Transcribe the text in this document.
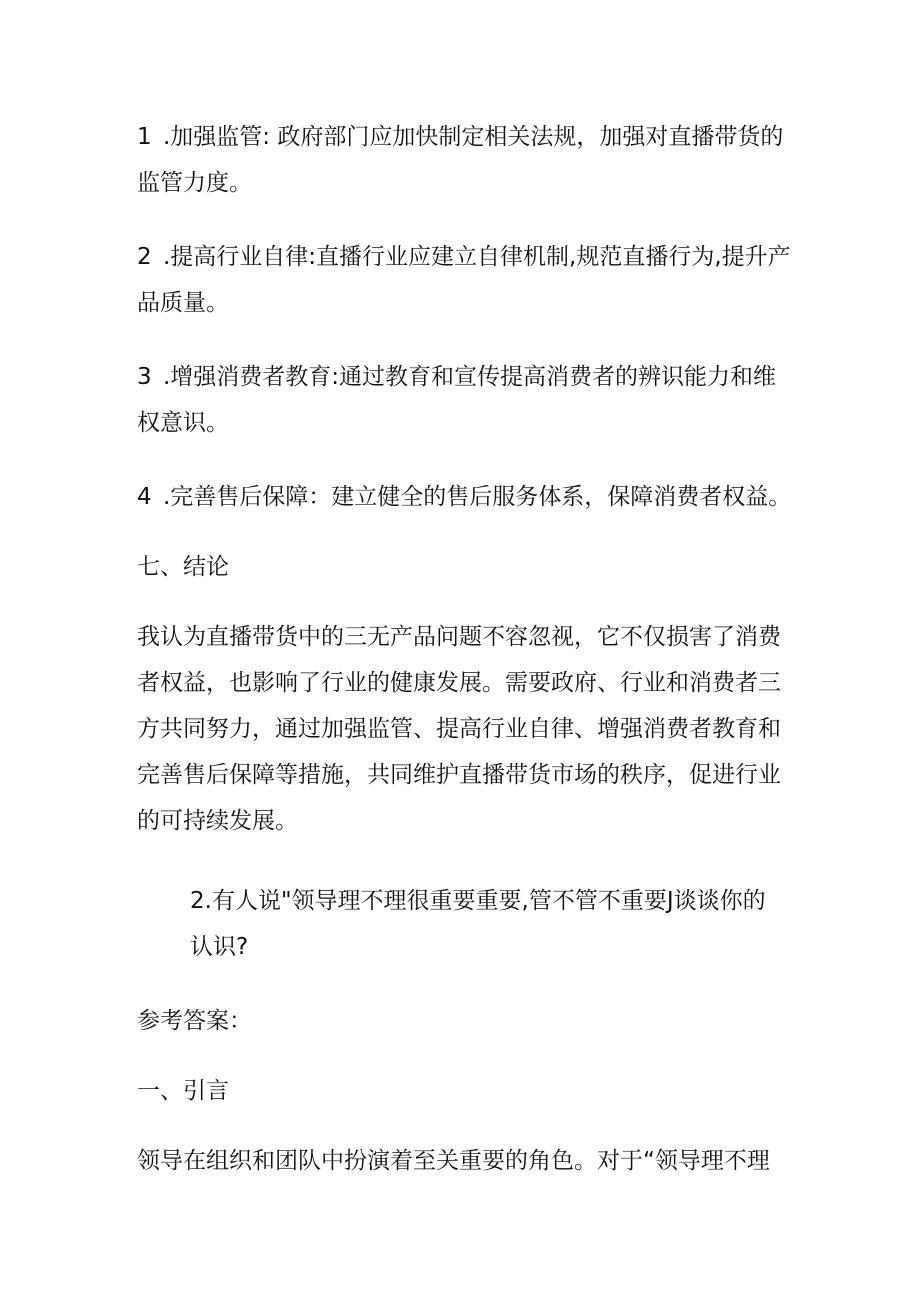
1 .加强监管: 政府部门应加快制定相关法规，加强对直播带货的监管力度。

2 .提高行业自律:直播行业应建立自律机制,规范直播行为,提升产品质量。

3 .增强消费者教育:通过教育和宣传提高消费者的辨识能力和维权意识。

4 .完善售后保障：建立健全的售后服务体系，保障消费者权益。

七、结论

我认为直播带货中的三无产品问题不容忽视，它不仅损害了消费者权益，也影响了行业的健康发展。需要政府、行业和消费者三方共同努力，通过加强监管、提高行业自律、增强消费者教育和完善售后保障等措施，共同维护直播带货市场的秩序，促进行业的可持续发展。

2.有人说"领导理不理很重要重要,管不管不重要J谈谈你的认识?

参考答案：

一、引言

领导在组织和团队中扮演着至关重要的角色。对于“领导理不理
